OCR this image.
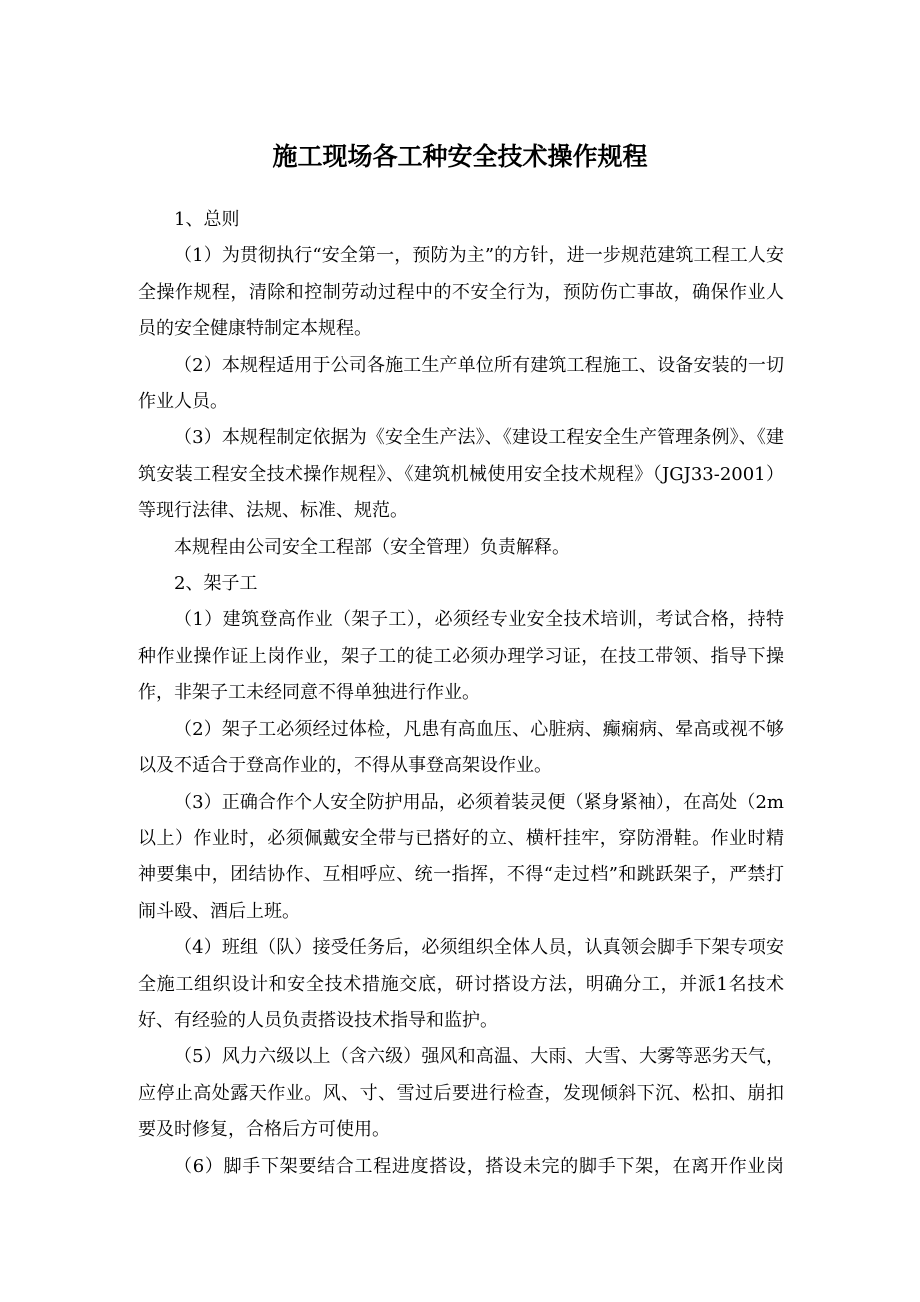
施工现场各工种安全技术操作规程

1、总则

（1）为贯彻执行“安全第一，预防为主”的方针，进一步规范建筑工程工人安全操作规程，清除和控制劳动过程中的不安全行为，预防伤亡事故，确保作业人员的安全健康特制定本规程。

（2）本规程适用于公司各施工生产单位所有建筑工程施工、设备安装的一切作业人员。

（3）本规程制定依据为《安全生产法》、《建设工程安全生产管理条例》、《建筑安装工程安全技术操作规程》、《建筑机械使用安全技术规程》（JGJ33-2001）等现行法律、法规、标准、规范。

本规程由公司安全工程部（安全管理）负责解释。

2、架子工

（1）建筑登高作业（架子工），必须经专业安全技术培训，考试合格，持特种作业操作证上岗作业，架子工的徒工必须办理学习证，在技工带领、指导下操作，非架子工未经同意不得单独进行作业。

（2）架子工必须经过体检，凡患有高血压、心脏病、癫痫病、晕高或视不够以及不适合于登高作业的，不得从事登高架设作业。

（3）正确合作个人安全防护用品，必须着装灵便（紧身紧袖），在高处（2m以上）作业时，必须佩戴安全带与已搭好的立、横杆挂牢，穿防滑鞋。作业时精神要集中，团结协作、互相呼应、统一指挥，不得“走过档”和跳跃架子，严禁打闹斗殴、酒后上班。

（4）班组（队）接受任务后，必须组织全体人员，认真领会脚手下架专项安全施工组织设计和安全技术措施交底，研讨搭设方法，明确分工，并派1名技术好、有经验的人员负责搭设技术指导和监护。

（5）风力六级以上（含六级）强风和高温、大雨、大雪、大雾等恶劣天气，应停止高处露天作业。风、寸、雪过后要进行检查，发现倾斜下沉、松扣、崩扣要及时修复，合格后方可使用。

（6）脚手下架要结合工程进度搭设，搭设未完的脚手下架，在离开作业岗
